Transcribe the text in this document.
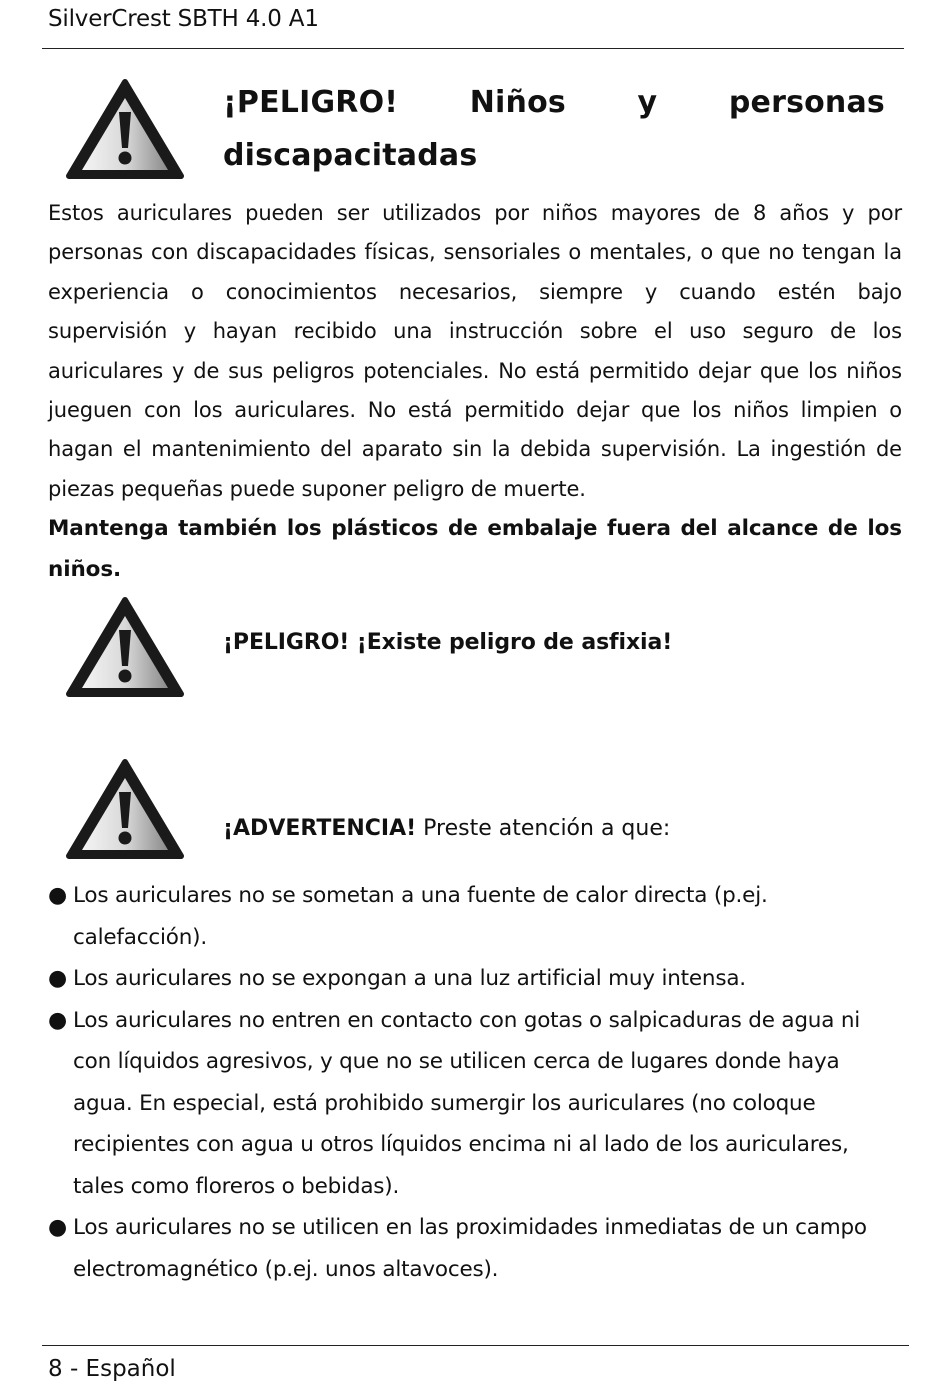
SilverCrest SBTH 4.0 A1
¡PELIGRO! Niños y personas discapacitadas
Estos auriculares pueden ser utilizados por niños mayores de 8 años y por personas con discapacidades físicas, sensoriales o mentales, o que no tengan la experiencia o conocimientos necesarios, siempre y cuando estén bajo supervisión y hayan recibido una instrucción sobre el uso seguro de los auriculares y de sus peligros potenciales. No está permitido dejar que los niños jueguen con los auriculares. No está permitido dejar que los niños limpien o hagan el mantenimiento del aparato sin la debida supervisión. La ingestión de piezas pequeñas puede suponer peligro de muerte.
Mantenga también los plásticos de embalaje fuera del alcance de los niños.
¡PELIGRO! ¡Existe peligro de asfixia!
¡ADVERTENCIA! Preste atención a que:
● Los auriculares no se sometan a una fuente de calor directa (p.ej. calefacción).
● Los auriculares no se expongan a una luz artificial muy intensa.
● Los auriculares no entren en contacto con gotas o salpicaduras de agua ni con líquidos agresivos, y que no se utilicen cerca de lugares donde haya agua. En especial, está prohibido sumergir los auriculares (no coloque recipientes con agua u otros líquidos encima ni al lado de los auriculares, tales como floreros o bebidas).
● Los auriculares no se utilicen en las proximidades inmediatas de un campo electromagnético (p.ej. unos altavoces).
8 - Español
